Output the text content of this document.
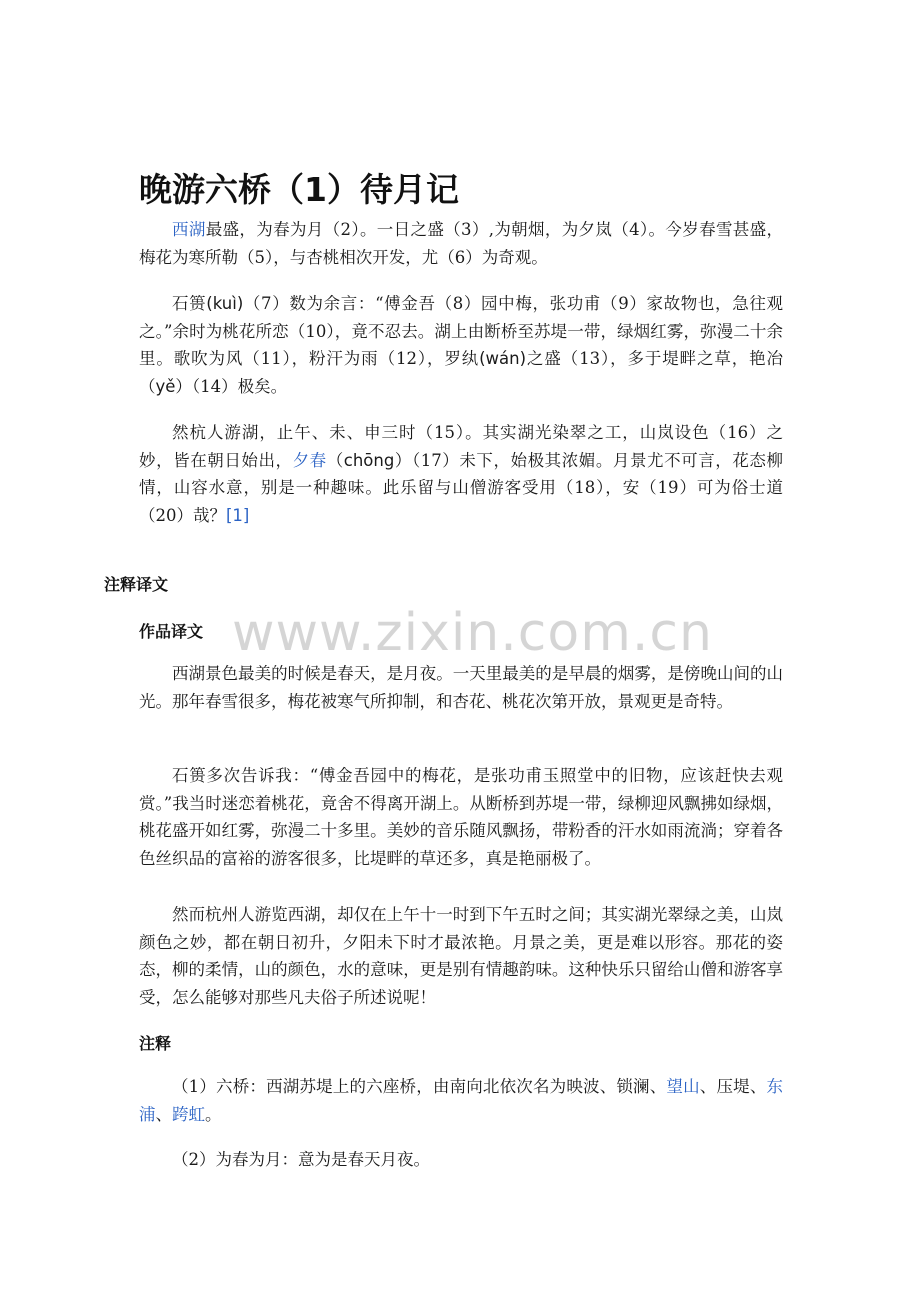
晚游六桥（1）待月记

西湖最盛，为春为月（2）。一日之盛（3）,为朝烟，为夕岚（4）。今岁春雪甚盛，梅花为寒所勒（5），与杏桃相次开发，尤（6）为奇观。

石篑(kuì)（7）数为余言：“傅金吾（8）园中梅，张功甫（9）家故物也，急往观之。”余时为桃花所恋（10），竟不忍去。湖上由断桥至苏堤一带，绿烟红雾，弥漫二十余里。歌吹为风（11），粉汗为雨（12），罗纨(wán)之盛（13），多于堤畔之草，艳冶（yě）（14）极矣。

然杭人游湖，止午、未、申三时（15）。其实湖光染翠之工，山岚设色（16）之妙，皆在朝日始出，夕春（chōng）（17）未下，始极其浓媚。月景尤不可言，花态柳情，山容水意，别是一种趣味。此乐留与山僧游客受用（18），安（19）可为俗士道（20）哉？[1]

注释译文
www.zixin.com.cn
作品译文

西湖景色最美的时候是春天，是月夜。一天里最美的是早晨的烟雾，是傍晚山间的山光。那年春雪很多，梅花被寒气所抑制，和杏花、桃花次第开放，景观更是奇特。

石篑多次告诉我：“傅金吾园中的梅花，是张功甫玉照堂中的旧物，应该赶快去观赏。”我当时迷恋着桃花，竟舍不得离开湖上。从断桥到苏堤一带，绿柳迎风飘拂如绿烟，桃花盛开如红雾，弥漫二十多里。美妙的音乐随风飘扬，带粉香的汗水如雨流淌；穿着各色丝织品的富裕的游客很多，比堤畔的草还多，真是艳丽极了。

然而杭州人游览西湖，却仅在上午十一时到下午五时之间；其实湖光翠绿之美，山岚颜色之妙，都在朝日初升，夕阳未下时才最浓艳。月景之美，更是难以形容。那花的姿态，柳的柔情，山的颜色，水的意味，更是别有情趣韵味。这种快乐只留给山僧和游客享受，怎么能够对那些凡夫俗子所述说呢！

注释

（1）六桥：西湖苏堤上的六座桥，由南向北依次名为映波、锁澜、望山、压堤、东浦、跨虹。

（2）为春为月：意为是春天月夜。
